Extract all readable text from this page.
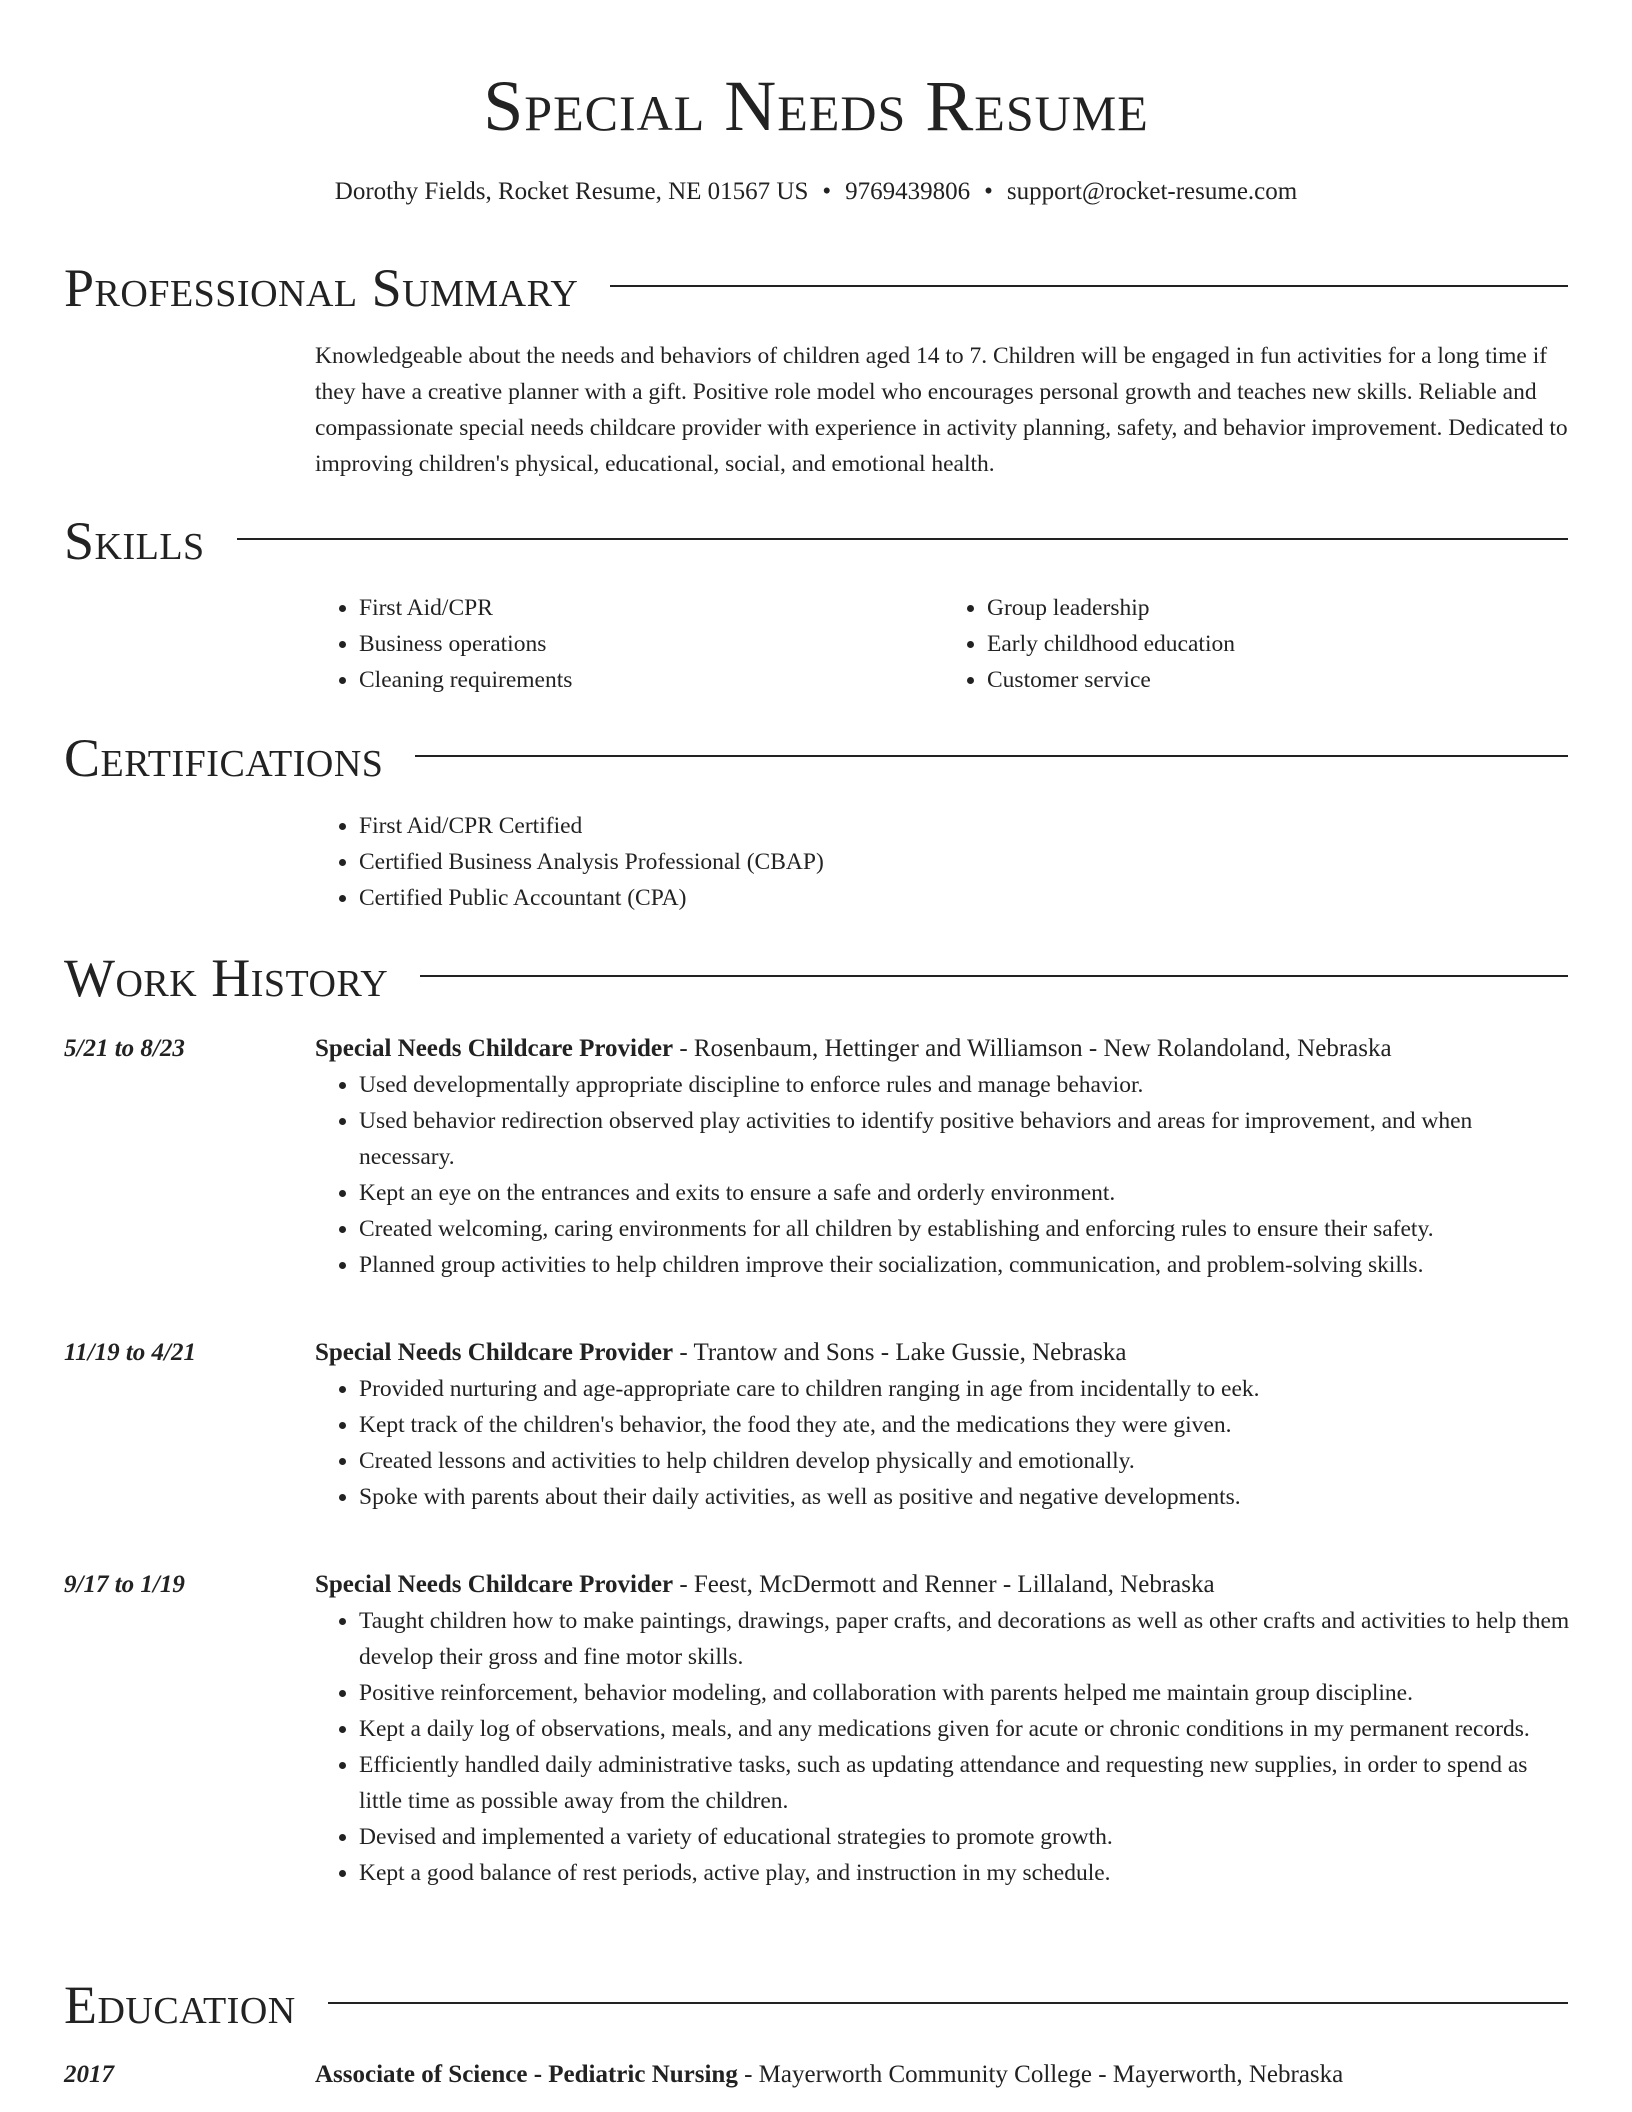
Special Needs Resume
Dorothy Fields, Rocket Resume, NE 01567 US • 9769439806 • support@rocket-resume.com
Professional Summary

Knowledgeable about the needs and behaviors of children aged 14 to 7. Children will be engaged in fun activities for a long time if they have a creative planner with a gift. Positive role model who encourages personal growth and teaches new skills. Reliable and compassionate special needs childcare provider with experience in activity planning, safety, and behavior improvement. Dedicated to improving children's physical, educational, social, and emotional health.

Skills
• First Aid/CPR
• Business operations
• Cleaning requirements
• Group leadership
• Early childhood education
• Customer service
Certifications
• First Aid/CPR Certified
• Certified Business Analysis Professional (CBAP)
• Certified Public Accountant (CPA)
Work History
5/21 to 8/23	Special Needs Childcare Provider - Rosenbaum, Hettinger and Williamson - New Rolandoland, Nebraska
• Used developmentally appropriate discipline to enforce rules and manage behavior.
• Used behavior redirection observed play activities to identify positive behaviors and areas for improvement, and when necessary.
• Kept an eye on the entrances and exits to ensure a safe and orderly environment.
• Created welcoming, caring environments for all children by establishing and enforcing rules to ensure their safety.
• Planned group activities to help children improve their socialization, communication, and problem-solving skills.
11/19 to 4/21	Special Needs Childcare Provider - Trantow and Sons - Lake Gussie, Nebraska
• Provided nurturing and age-appropriate care to children ranging in age from incidentally to eek.
• Kept track of the children's behavior, the food they ate, and the medications they were given.
• Created lessons and activities to help children develop physically and emotionally.
• Spoke with parents about their daily activities, as well as positive and negative developments.
9/17 to 1/19	Special Needs Childcare Provider - Feest, McDermott and Renner - Lillaland, Nebraska
• Taught children how to make paintings, drawings, paper crafts, and decorations as well as other crafts and activities to help them develop their gross and fine motor skills.
• Positive reinforcement, behavior modeling, and collaboration with parents helped me maintain group discipline.
• Kept a daily log of observations, meals, and any medications given for acute or chronic conditions in my permanent records.
• Efficiently handled daily administrative tasks, such as updating attendance and requesting new supplies, in order to spend as little time as possible away from the children.
• Devised and implemented a variety of educational strategies to promote growth.
• Kept a good balance of rest periods, active play, and instruction in my schedule.
Education
2017	Associate of Science - Pediatric Nursing - Mayerworth Community College - Mayerworth, Nebraska
